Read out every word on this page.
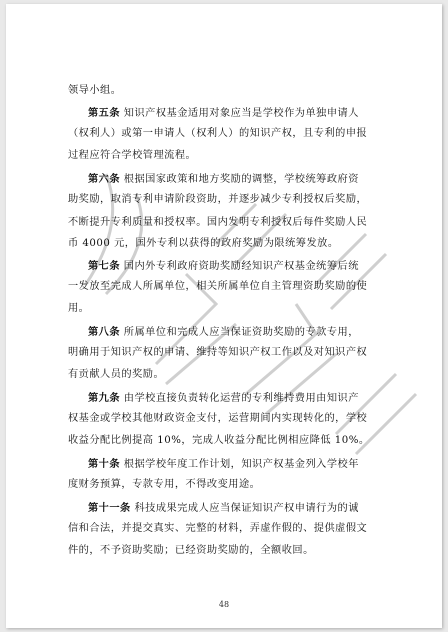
领导小组。
第五条 知识产权基金适用对象应当是学校作为单独申请人
（权利人）或第一申请人（权利人）的知识产权，且专利的申报
过程应符合学校管理流程。
第六条 根据国家政策和地方奖励的调整，学校统筹政府资
助奖励，取消专利申请阶段资助，并逐步减少专利授权后奖励，
不断提升专利质量和授权率。国内发明专利授权后每件奖励人民
币 4000 元，国外专利以获得的政府奖励为限统筹发放。
第七条 国内外专利政府资助奖励经知识产权基金统筹后统
一发放至完成人所属单位，相关所属单位自主管理资助奖励的使
用。
第八条 所属单位和完成人应当保证资助奖励的专款专用，
明确用于知识产权的申请、维持等知识产权工作以及对知识产权
有贡献人员的奖励。
第九条 由学校直接负责转化运营的专利维持费用由知识产
权基金或学校其他财政资金支付，运营期间内实现转化的，学校
收益分配比例提高 10%，完成人收益分配比例相应降低 10%。
第十条 根据学校年度工作计划，知识产权基金列入学校年
度财务预算，专款专用，不得改变用途。
第十一条 科技成果完成人应当保证知识产权申请行为的诚
信和合法，并提交真实、完整的材料，弄虚作假的、提供虚假文
件的，不予资助奖励；已经资助奖励的，全额收回。
48
